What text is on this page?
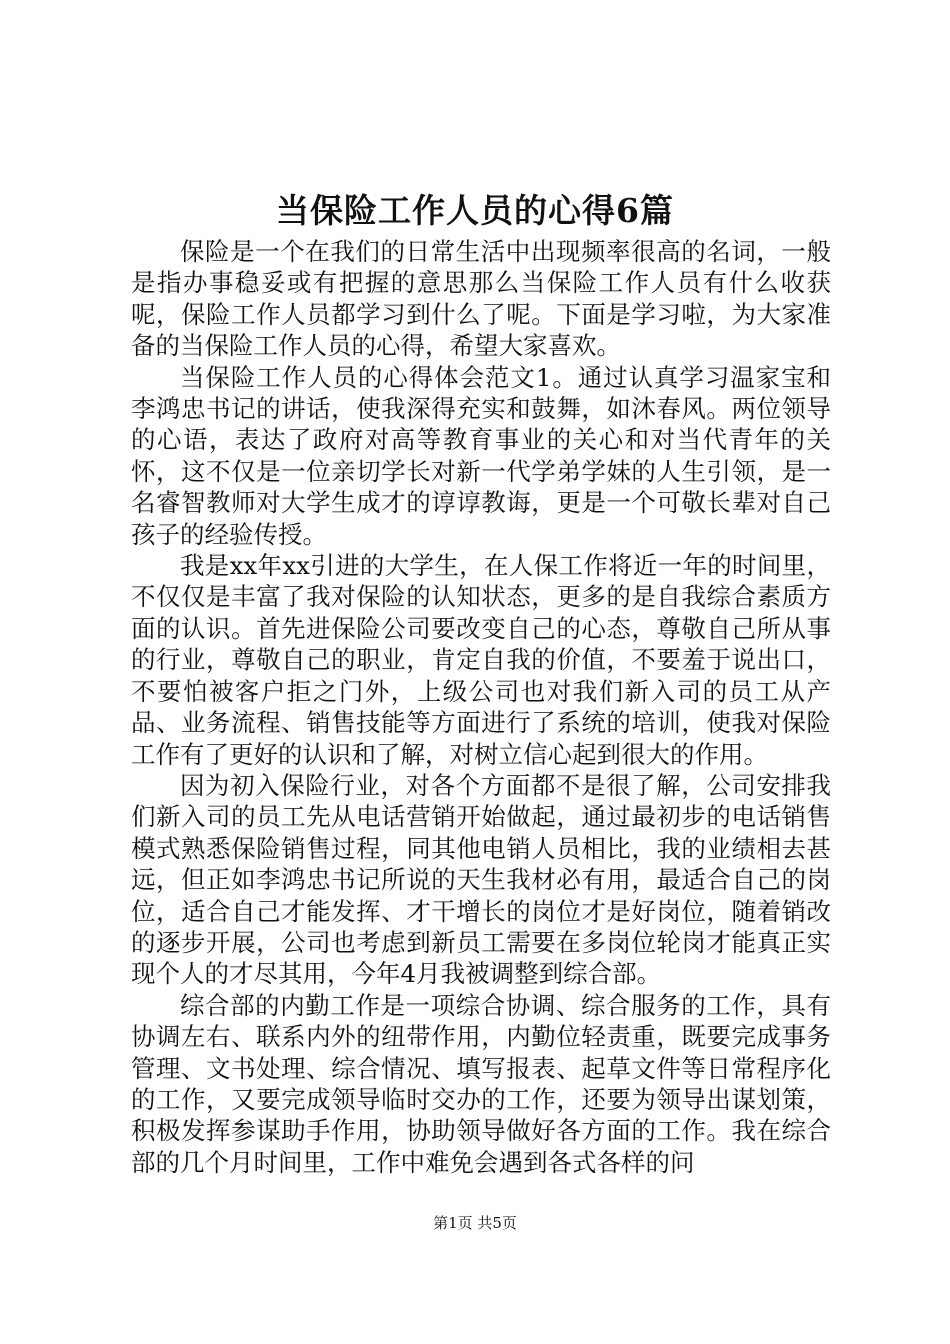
当保险工作人员的心得6篇

保险是一个在我们的日常生活中出现频率很高的名词，一般是指办事稳妥或有把握的意思那么当保险工作人员有什么收获呢，保险工作人员都学习到什么了呢。下面是学习啦，为大家准备的当保险工作人员的心得，希望大家喜欢。

当保险工作人员的心得体会范文1。通过认真学习温家宝和李鸿忠书记的讲话，使我深得充实和鼓舞，如沐春风。两位领导的心语，表达了政府对高等教育事业的关心和对当代青年的关怀，这不仅是一位亲切学长对新一代学弟学妹的人生引领，是一名睿智教师对大学生成才的谆谆教诲，更是一个可敬长辈对自己孩子的经验传授。

我是xx年xx引进的大学生，在人保工作将近一年的时间里，不仅仅是丰富了我对保险的认知状态，更多的是自我综合素质方面的认识。首先进保险公司要改变自己的心态，尊敬自己所从事的行业，尊敬自己的职业，肯定自我的价值，不要羞于说出口，不要怕被客户拒之门外，上级公司也对我们新入司的员工从产品、业务流程、销售技能等方面进行了系统的培训，使我对保险工作有了更好的认识和了解，对树立信心起到很大的作用。

因为初入保险行业，对各个方面都不是很了解，公司安排我们新入司的员工先从电话营销开始做起，通过最初步的电话销售模式熟悉保险销售过程，同其他电销人员相比，我的业绩相去甚远，但正如李鸿忠书记所说的天生我材必有用，最适合自己的岗位，适合自己才能发挥、才干增长的岗位才是好岗位，随着销改的逐步开展，公司也考虑到新员工需要在多岗位轮岗才能真正实现个人的才尽其用，今年4月我被调整到综合部。

综合部的内勤工作是一项综合协调、综合服务的工作，具有协调左右、联系内外的纽带作用，内勤位轻责重，既要完成事务管理、文书处理、综合情况、填写报表、起草文件等日常程序化的工作，又要完成领导临时交办的工作，还要为领导出谋划策，积极发挥参谋助手作用，协助领导做好各方面的工作。我在综合部的几个月时间里，工作中难免会遇到各式各样的问

第1页 共5页
